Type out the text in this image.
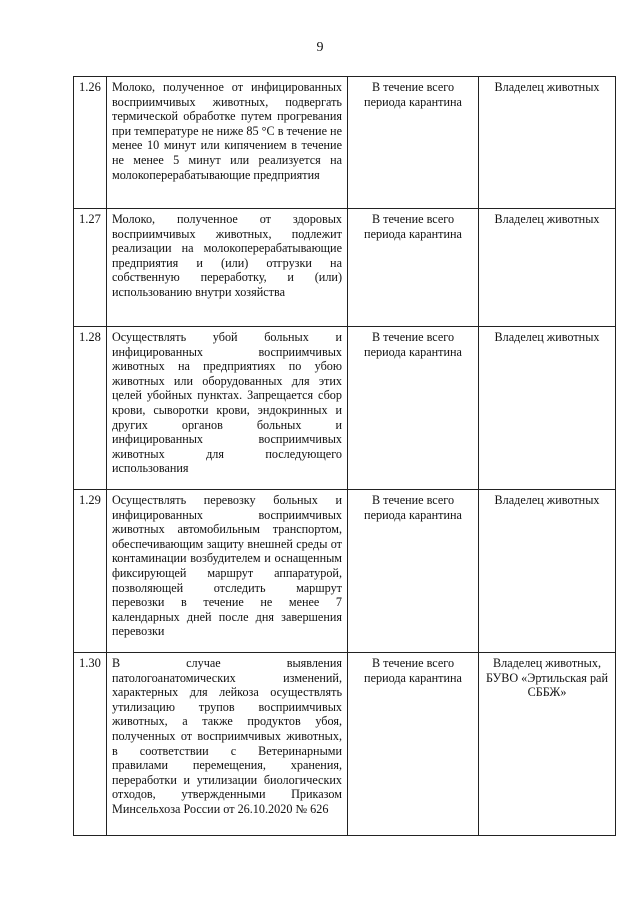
9
1.26	Молоко, полученное от инфицированных восприимчивых животных, подвергать термической обработке путем прогревания при температуре не ниже 85 °С в течение не менее 10 минут или кипячением в течение не менее 5 минут или реализуется на молокоперерабатывающие предприятия	В течение всего периода карантина	Владелец животных
1.27	Молоко, полученное от здоровых восприимчивых животных, подлежит реализации на молокоперерабатывающие предприятия и (или) отгрузки на собственную переработку, и (или) использованию внутри хозяйства	В течение всего периода карантина	Владелец животных
1.28	Осуществлять убой больных и инфицированных восприимчивых животных на предприятиях по убою животных или оборудованных для этих целей убойных пунктах. Запрещается сбор крови, сыворотки крови, эндокринных и других органов больных и инфицированных восприимчивых животных для последующего использования	В течение всего периода карантина	Владелец животных
1.29	Осуществлять перевозку больных и инфицированных восприимчивых животных автомобильным транспортом, обеспечивающим защиту внешней среды от контаминации возбудителем и оснащенным фиксирующей маршрут аппаратурой, позволяющей отследить маршрут перевозки в течение не менее 7 календарных дней после дня завершения перевозки	В течение всего периода карантина	Владелец животных
1.30	В случае выявления патологоанатомических изменений, характерных для лейкоза осуществлять утилизацию трупов восприимчивых животных, а также продуктов убоя, полученных от восприимчивых животных, в соответствии с Ветеринарными правилами перемещения, хранения, переработки и утилизации биологических отходов, утвержденными Приказом Минсельхоза России от 26.10.2020 № 626	В течение всего периода карантина	Владелец животных, БУВО «Эртильская рай СББЖ»
